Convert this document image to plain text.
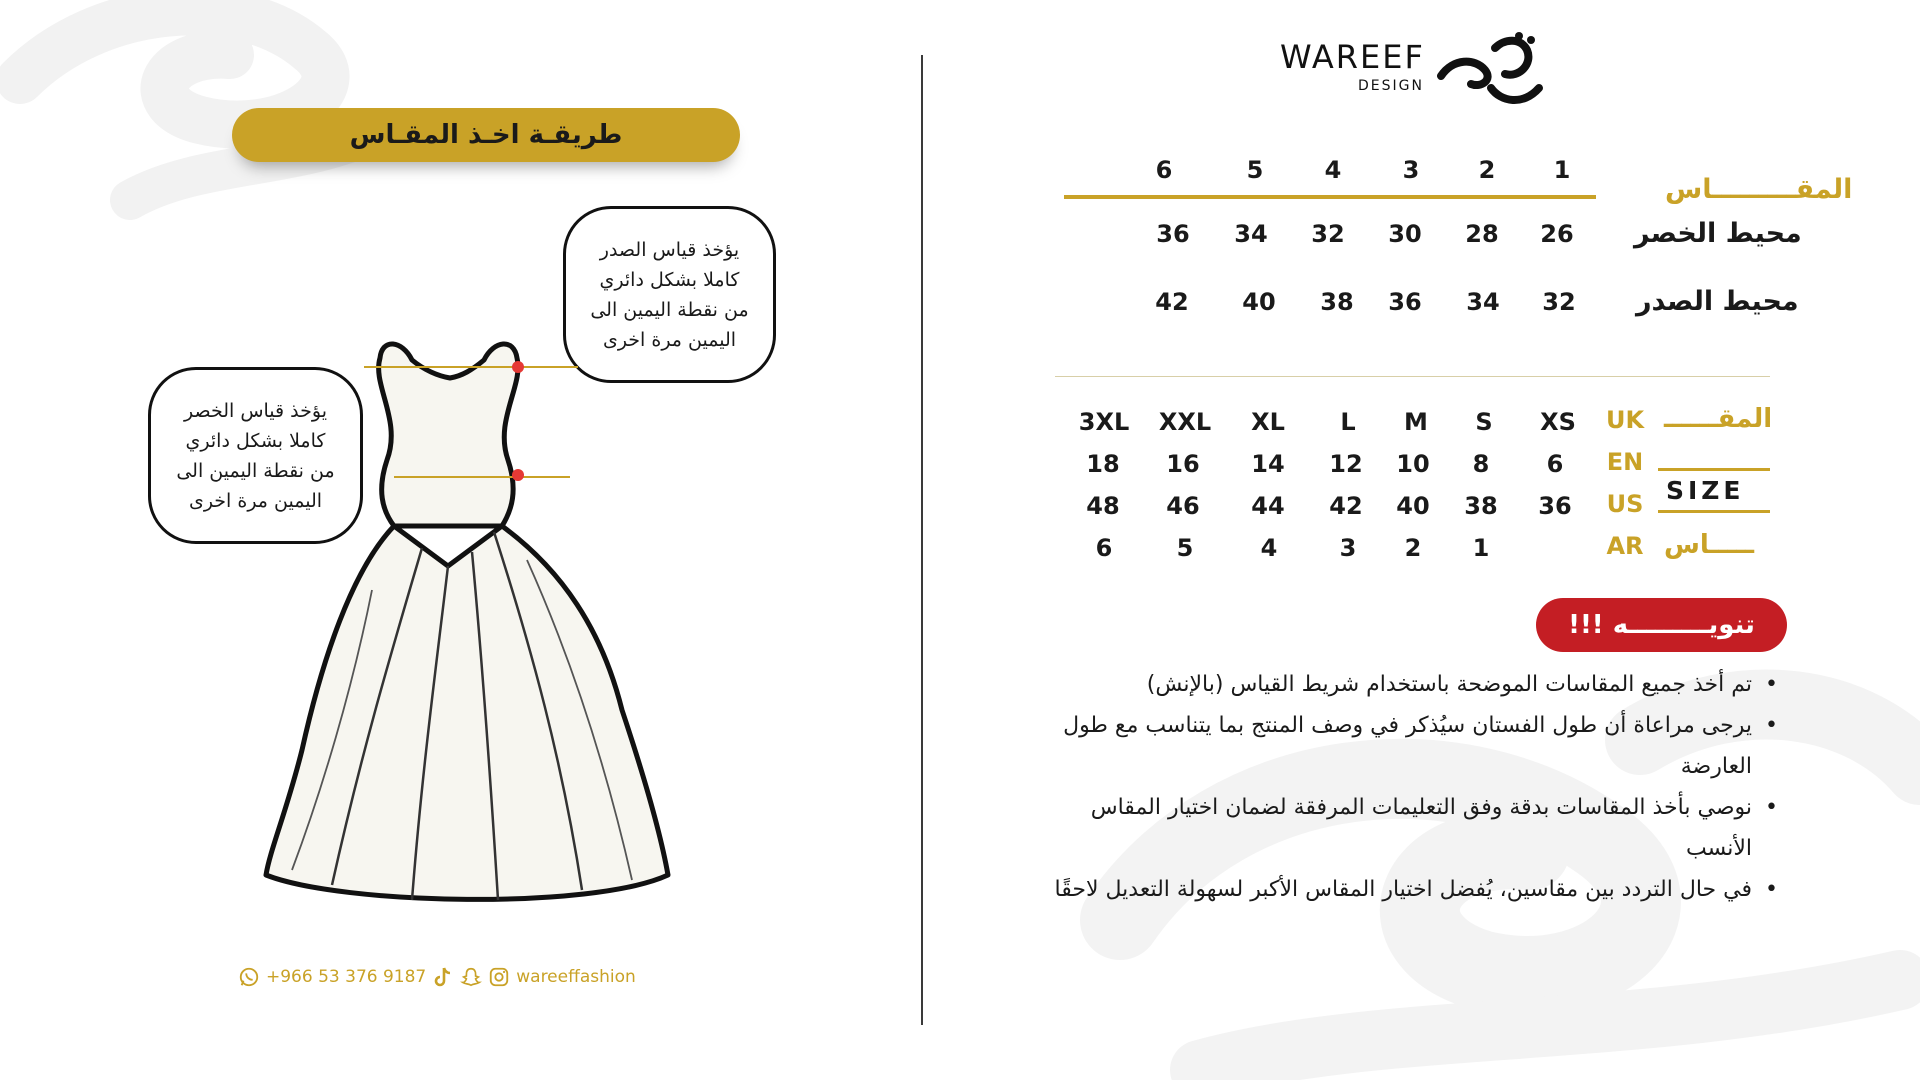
طريقـة اخـذ المقـاس
يؤخذ قياس الصدر
كاملا بشكل دائري
من نقطة اليمين الى
اليمين مرة اخرى
يؤخذ قياس الخصر
كاملا بشكل دائري
من نقطة اليمين الى
اليمين مرة اخرى
+966 53 376 9187	wareeffashion
WAREEF
DESIGN
المقـــــــــاس
1
2
3
4
5
6
محيط الخصر
26
28
30
32
34
36
محيط الصدر
32
34
36
38
40
42
المقــــــ
SIZE
ـــــاس
UK
EN
US
AR
XS
S
M
L
XL
XXL
3XL
6
8
10
12
14
16
18
36
38
40
42
44
46
48
1
2
3
4
5
6
تنويـــــــــه !!!
• تم أخذ جميع المقاسات الموضحة باستخدام شريط القياس (بالإنش)
• يرجى مراعاة أن طول الفستان سيُذكر في وصف المنتج بما يتناسب مع طول العارضة
• نوصي بأخذ المقاسات بدقة وفق التعليمات المرفقة لضمان اختيار المقاس الأنسب
• في حال التردد بين مقاسين، يُفضل اختيار المقاس الأكبر لسهولة التعديل لاحقًا
